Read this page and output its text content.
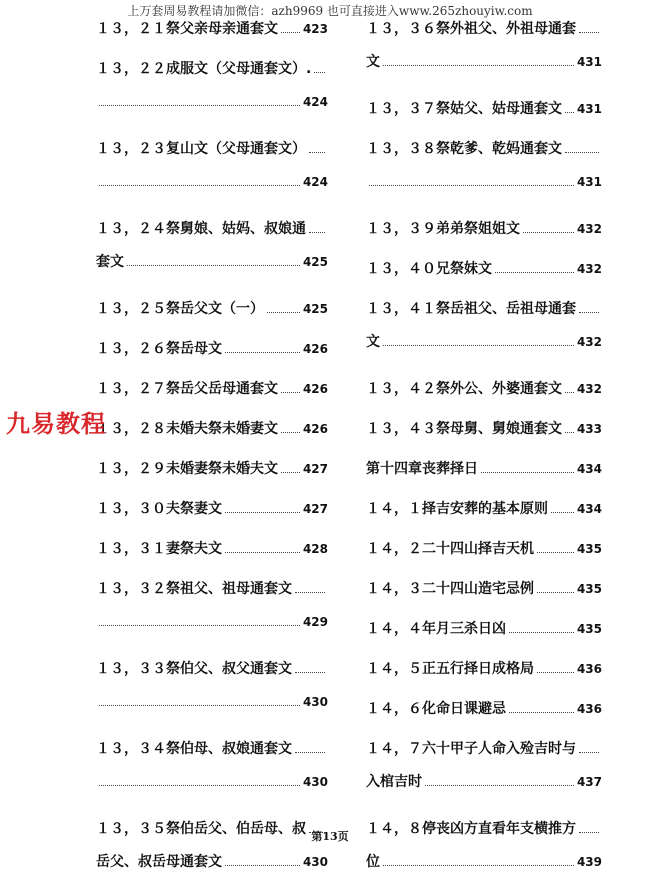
上万套周易教程请加微信：azh9969 也可直接进入www.265zhouyiw.com
１３，２１祭父亲母亲通套文 423
１３，２２成服文（父母通套文）.
424
１３，２３复山文（父母通套文）
424
１３，２４祭舅娘、姑妈、叔娘通
套文	425
１３，２５祭岳父文（一）	425
１３，２６祭岳母文	426
１３，２７祭岳父岳母通套文 426
１３，２８未婚夫祭未婚妻文 426
１３，２９未婚妻祭未婚夫文 427
１３，３０夫祭妻文	427
１３，３１妻祭夫文	428
１３，３２祭祖父、祖母通套文
429
１３，３３祭伯父、叔父通套文
430
１３，３４祭伯母、叔娘通套文
430
１３，３５祭伯岳父、伯岳母、叔
岳父、叔岳母通套文	430
１３，３６祭外祖父、外祖母通套
文	431
１３，３７祭姑父、姑母通套文 431
１３，３８祭乾爹、乾妈通套文
431
１３，３９弟弟祭姐姐文	432
１３，４０兄祭妹文	432
１３，４１祭岳祖父、岳祖母通套
文	432
１３，４２祭外公、外婆通套文 432
１３，４３祭母舅、舅娘通套文 433
第十四章丧葬择日	434
１４，１择吉安葬的基本原则 434
１４，２二十四山择吉天机	435
１４，３二十四山造宅忌例	435
１４，４年月三杀日凶	435
１４，５正五行择日成格局	436
１４，６化命日课避忌	436
１４，７六十甲子人命入殓吉时与
入棺吉时	437
１４，８停丧凶方直看年支横推方
位	439
九易教程
第13页
